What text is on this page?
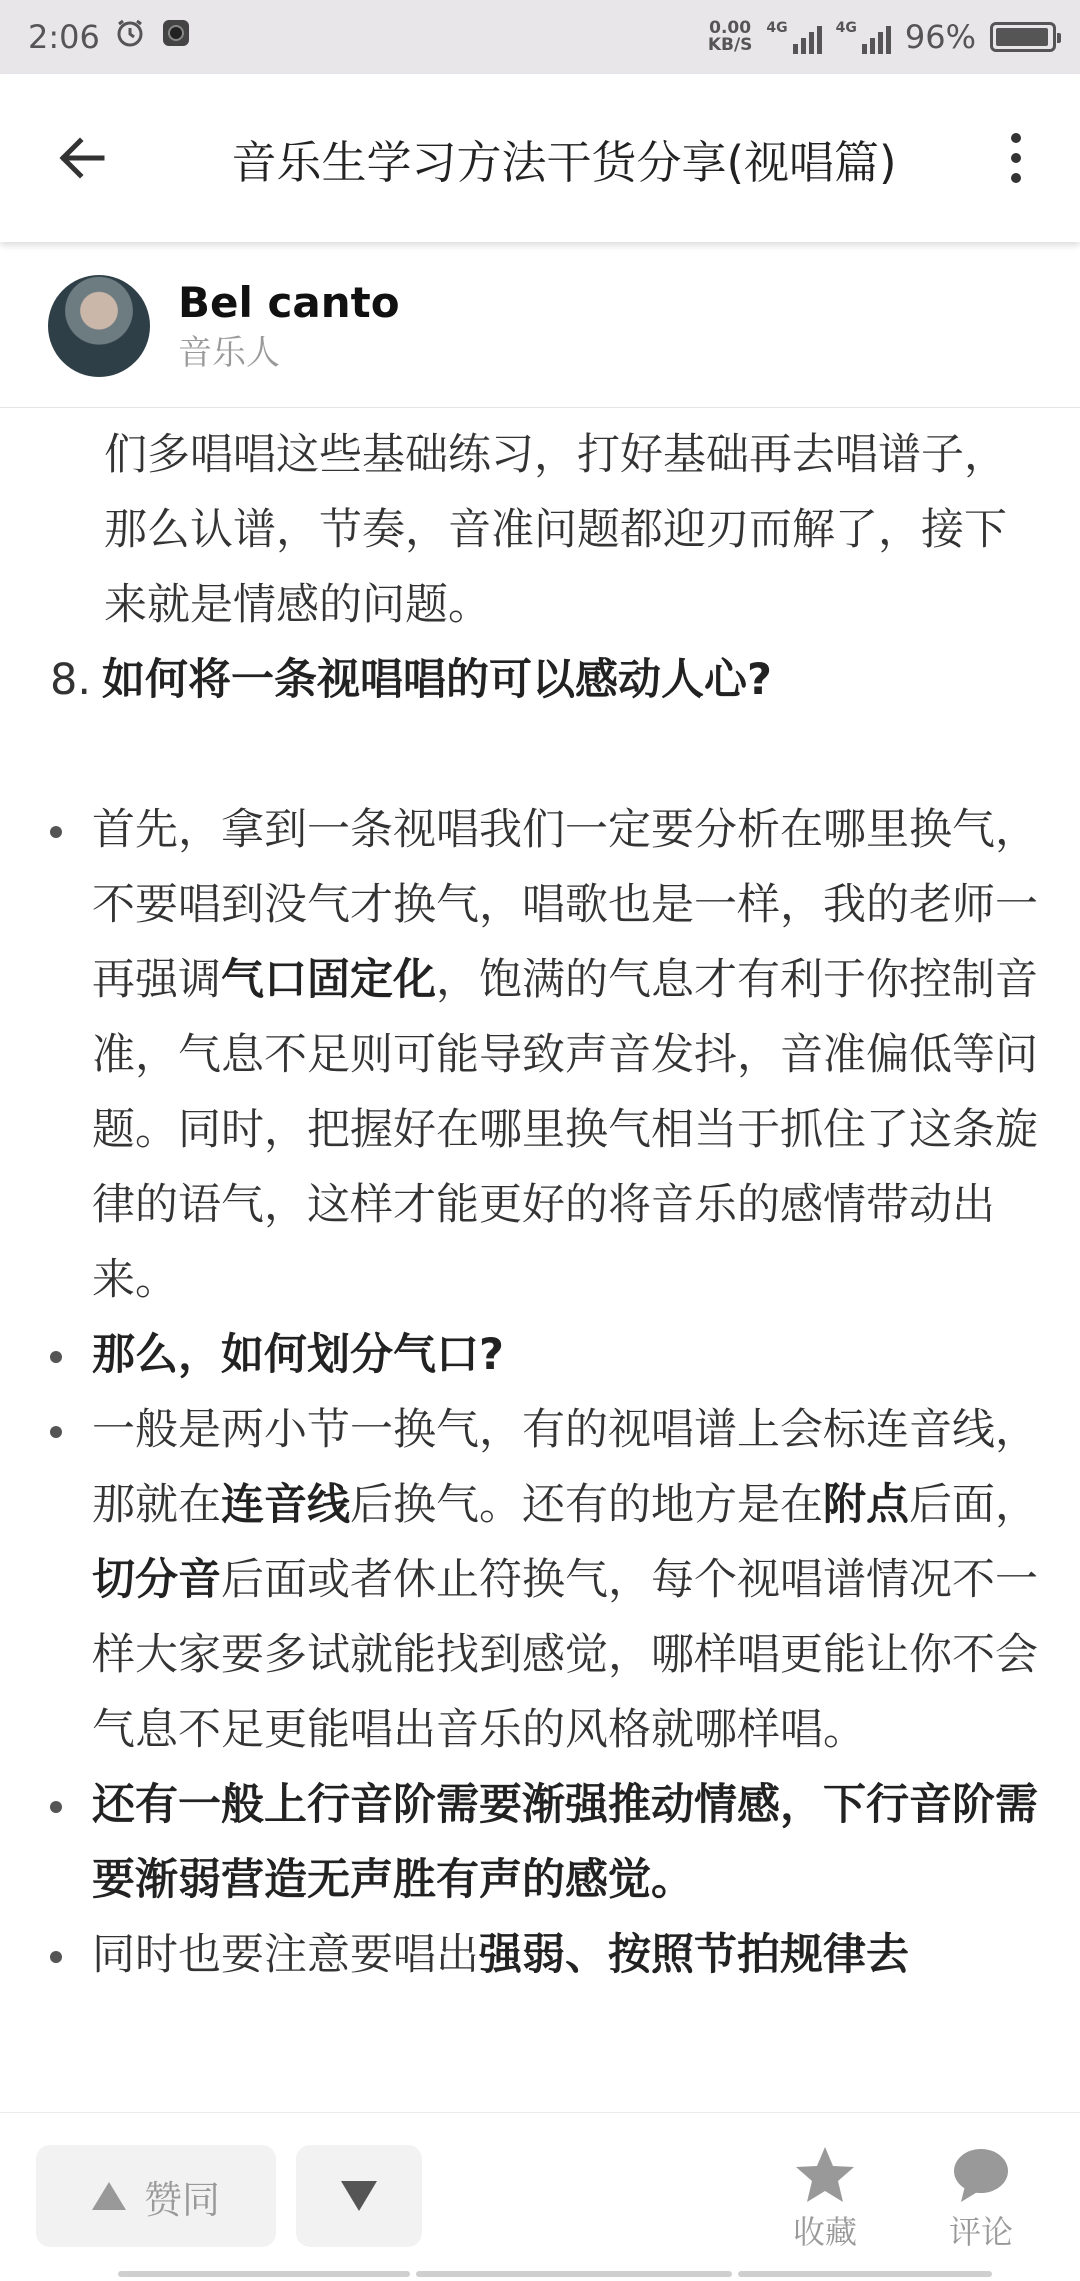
2:06	0.00
KB/S
4G	4G 96%
音乐生学习方法干货分享(视唱篇)
Bel canto
音乐人
们多唱唱这些基础练习，打好基础再去唱谱子，那么认谱，节奏，音准问题都迎刃而解了，接下来就是情感的问题。
8. 如何将一条视唱唱的可以感动人心?
首先，拿到一条视唱我们一定要分析在哪里换气，不要唱到没气才换气，唱歌也是一样，我的老师一再强调气口固定化，饱满的气息才有利于你控制音准，气息不足则可能导致声音发抖，音准偏低等问题。同时，把握好在哪里换气相当于抓住了这条旋律的语气，这样才能更好的将音乐的感情带动出来。
那么，如何划分气口?
一般是两小节一换气，有的视唱谱上会标连音线，那就在连音线后换气。还有的地方是在附点后面，切分音后面或者休止符换气，每个视唱谱情况不一样大家要多试就能找到感觉，哪样唱更能让你不会气息不足更能唱出音乐的风格就哪样唱。
还有一般上行音阶需要渐强推动情感，下行音阶需要渐弱营造无声胜有声的感觉。
同时也要注意要唱出强弱、按照节拍规律去
赞同
收藏	评论
